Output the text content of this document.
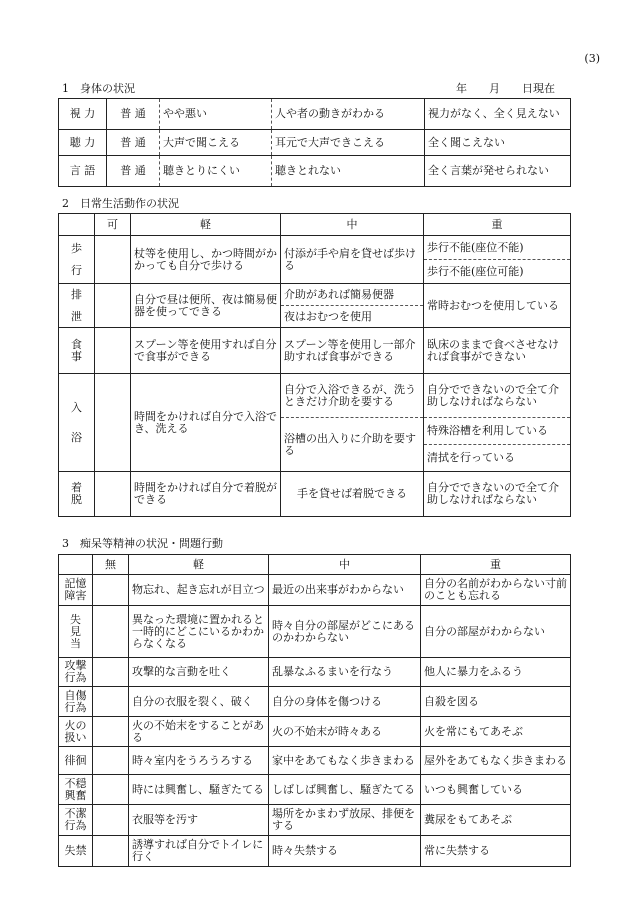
(3)
1　身体の状況	年　　月　　日現在
視 力	普 通	やや悪い	人や者の動きがわかる	視力がなく、全く見えない
聴 力	普 通	大声で聞こえる	耳元で大声できこえる	全く聞こえない
言 語	普 通	聴きとりにくい	聴きとれない	全く言葉が発せられない
2　日常生活動作の状況
	可	軽	中	重

歩
行		杖等を使用し、かつ時間がかかっても自分で歩ける	付添が手や肩を貸せば歩ける	歩行不能(座位不能)
				歩行不能(座位可能)

排
泄		自分で昼は便所、夜は簡易便器を使ってできる	介助があれば簡易便器	常時おむつを使用している
			夜はおむつを使用	

食
事		スプーン等を使用すれば自分で食事ができる	スプーン等を使用し一部介助すれば食事ができる	臥床のままで食べさせなければ食事ができない

入
浴		時間をかければ自分で入浴でき、洗える	自分で入浴できるが、洗うときだけ介助を要する	自分でできないので全て介助しなければならない
			浴槽の出入りに介助を要する	特殊浴槽を利用している
				清拭を行っている

着
脱		時間をかければ自分で着脱ができる	手を貸せば着脱できる	自分でできないので全て介助しなければならない
3　痴呆等精神の状況・問題行動
	無	軽	中	重

記憶
障害		物忘れ、起き忘れが目立つ	最近の出来事がわからない	自分の名前がわからない寸前のことも忘れる

失
見
当		異なった環境に置かれると一時的にどこにいるかわからなくなる	時々自分の部屋がどこにあるのかわからない	自分の部屋がわからない

攻撃
行為		攻撃的な言動を吐く	乱暴なふるまいを行なう	他人に暴力をふるう

自傷
行為		自分の衣服を裂く、破く	自分の身体を傷つける	自殺を図る

火の
扱い		火の不始末をすることがある	火の不始末が時々ある	火を常にもてあそぶ

徘徊		時々室内をうろうろする	家中をあてもなく歩きまわる	屋外をあてもなく歩きまわる

不穏
興奮		時には興奮し、騒ぎたてる	しばしば興奮し、騒ぎたてる	いつも興奮している

不潔
行為		衣服等を汚す	場所をかまわず放尿、排便をする	糞尿をもてあそぶ

失禁		誘導すれば自分でトイレに行く	時々失禁する	常に失禁する
